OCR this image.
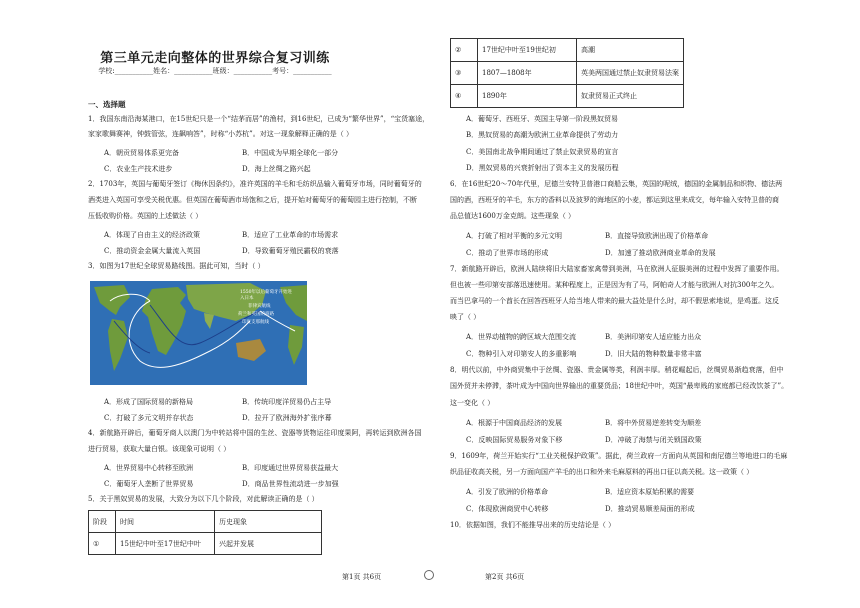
第三单元走向整体的世界综合复习训练
学校:___________姓名：___________班级：___________考号：___________
一、选择题
1．我国东南沿海某港口，在15世纪只是一个“结茅而居”的渔村，到16世纪，已成为“繁华世界”，“宝货塞途，
家家歌舞赛神，钟鼓管弦，连飙响答”，时称“小苏杭”。对这一现象解释正确的是（ ）
A．朝贡贸易体系更完备	B．中国成为早期全球化一部分
C．农业生产技术进步	D．海上丝绸之路兴起
2．1703年，英国与葡萄牙签订《梅休因条约》，准许英国的羊毛和毛纺织品输入葡萄牙市场，同时葡萄牙的
酒类进入英国可享受关税优惠。但英国在葡萄酒市场饱和之后，提开始对葡萄牙的葡萄园主进行控制，不断
压低收购价格。英国的上述做法（ ）
A．体现了自由主义的经济政策	B．适应了工业革命的市场需求
C．推动资金金属大量流入英国	D．导致葡萄牙殖民霸权的衰落
3．如图为17世纪全球贸易路线图。据此可知，当时（ ）
1550年以后葡萄牙开始进入日本
菲律宾航线
荷兰和英国的商路
印度支那航线
A．形成了国际贸易的新格局	B．传统印度洋贸易仍占主导
C．打破了多元文明并存状态	D．拉开了欧洲海外扩张序幕
4．新航路开辟后，葡萄牙商人以澳门为中转站将中国的生丝、瓷器等货物运往印度果阿，再转运到欧洲各国
进行贸易，获取大量白银。该现象可说明（ ）
A．世界贸易中心转移至欧洲	B．印度通过世界贸易获益最大
C．葡萄牙人垄断了世界贸易	D．商品世界性流动进一步加强
5．关于黑奴贸易的发展，大致分为以下几个阶段，对此解读正确的是（ ）
阶段	时间	历史现象
①	15世纪中叶至17世纪中叶	兴起并发展
第1页 共6页
②	17世纪中叶至19世纪初	高潮
③	1807—1808年	英美两国通过禁止奴隶贸易法案
④	1890年	奴隶贸易正式终止
A．葡萄牙、西班牙、英国主导第一阶段黑奴贸易
B．黑奴贸易的高潮为欧洲工业革命提供了劳动力
C．美国南北战争期间通过了禁止奴隶贸易的宣言
D．黑奴贸易的兴衰折射出了资本主义的发展历程
6．在16世纪20～70年代里，尼德兰安特卫普港口商船云集，英国的呢绒，德国的金属制品和织物、德法两
国的酒，西班牙的羊毛，东方的香料以及波罗的海地区的小麦，都运到这里来成交，每年输入安特卫普的商
品总值达1600万金克朗。这些现象（ ）
A．打破了相对平衡的多元文明	B．直接导致欧洲出现了价格革命
C．推动了世界市场的形成	D．加速了推动欧洲商业革命的发展
7．新航路开辟后，欧洲人陆续将旧大陆家畜家禽带到美洲，马在欧洲人征服美洲的过程中发挥了重要作用。
但也被一些印第安部落迅速使用。某种程度上，正是因为有了马，阿帕奇人才能与欧洲人对抗300年之久。
而当巴拿马的一个酋长在回答西班牙人给当地人带来的最大益处是什么时，却不假思索地说，是鸡蛋。这反
映了（ ）
A．世界动植物的跨区域大范围交流	B．美洲印第安人适应能力出众
C．物种引入对印第安人的多重影响	D．旧大陆的物种数量非常丰富
8．明代以前，中外商贸集中于丝绸、瓷器、贵金属等类，利润丰厚。稍花崛起后，丝绸贸易渐趋衰落，但中
国外贸并未停滞，茶叶成为中国向世界输出的重要货品；18世纪中叶，英国“最卑贱的家庭都已经改饮茶了”。
这一变化（ ）
A．根源于中国商品经济的发展	B．将中外贸易逆差转变为顺差
C．反映国际贸易服务对象下移	D．冲破了海禁与闭关锁国政策
9．1609年，荷兰开始实行“工业关税保护政策”。据此，荷兰政府一方面向从英国和南尼德兰等地进口的毛麻
织品征收高关税，另一方面向国产羊毛的出口和外来毛麻原料的再出口征以高关税。这一政策（ ）
A．引发了欧洲的价格革命	B．适应资本原始积累的需要
C．体现欧洲商贸中心转移	D．推动贸易顺差局面的形成
10．依据如图，我们不能推导出来的历史结论是（ ）
第2页 共6页
